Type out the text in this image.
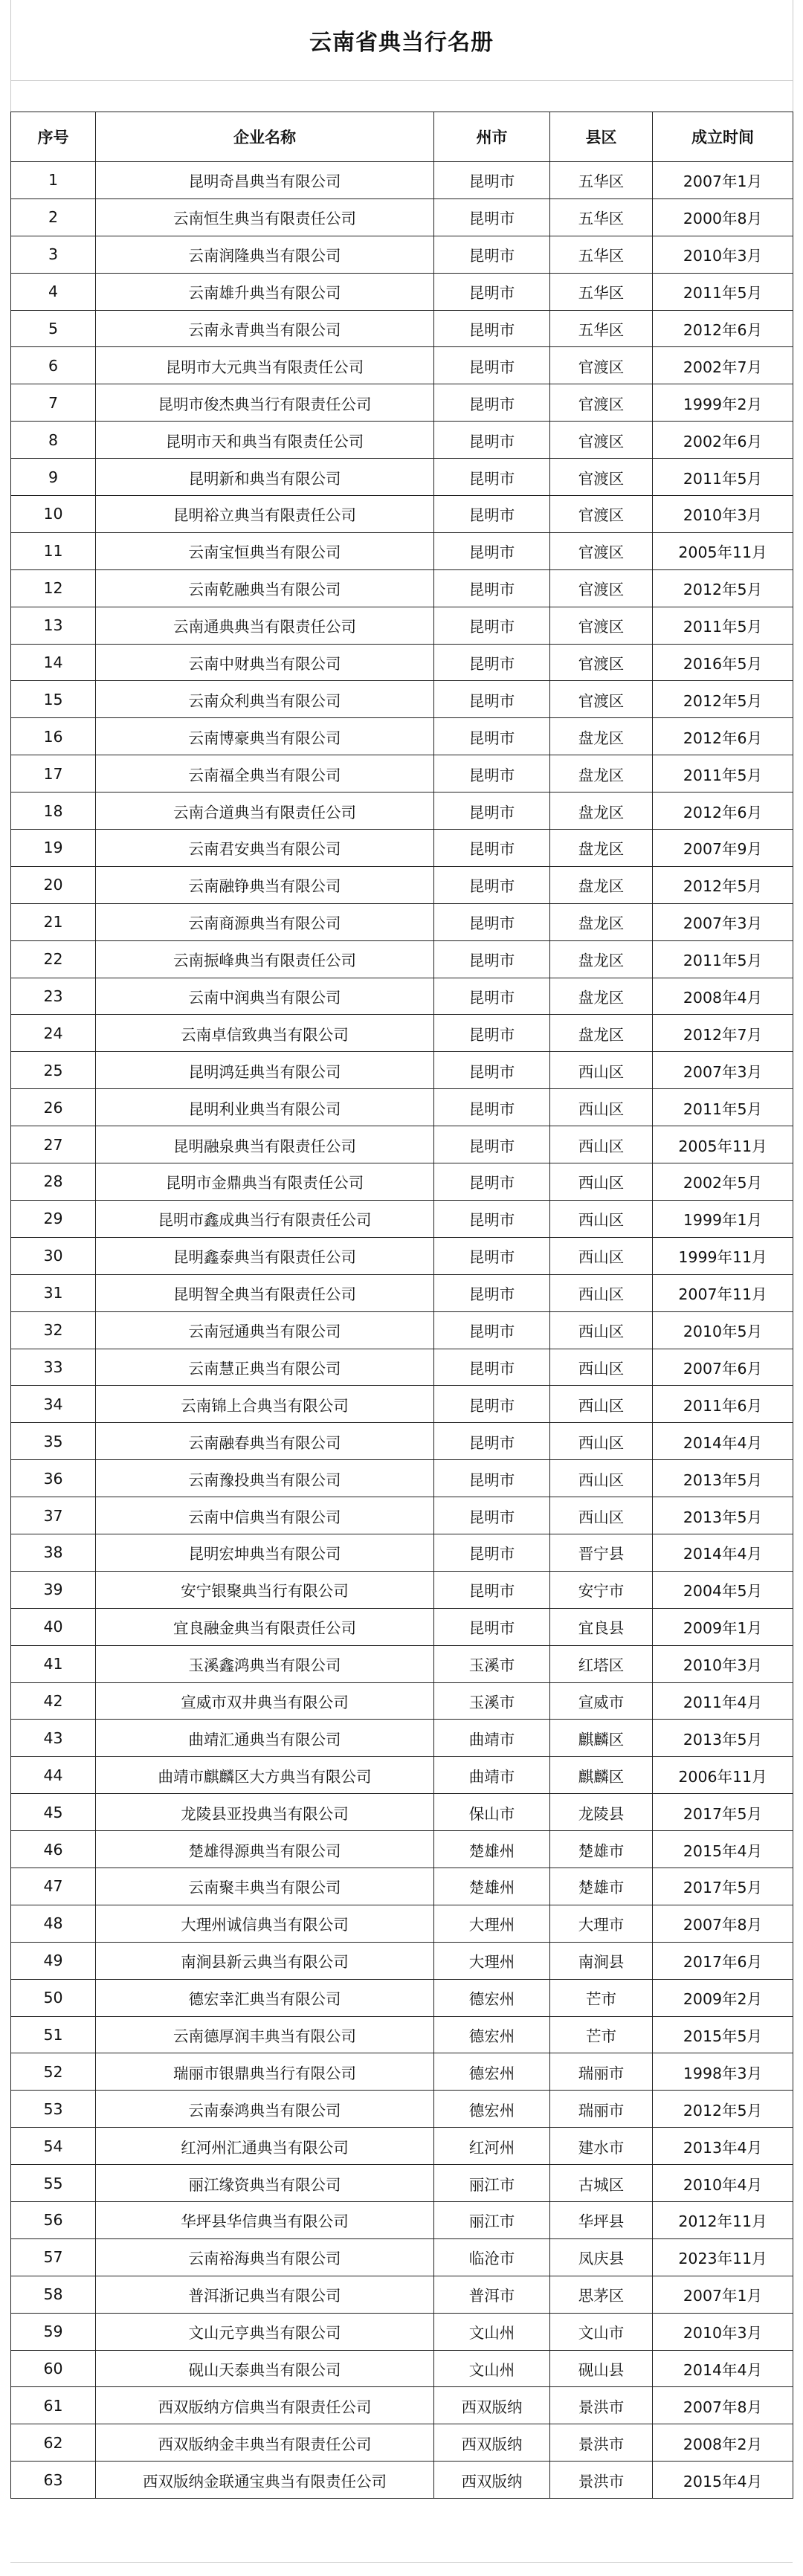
云南省典当行名册
序号	企业名称	州市	县区	成立时间
1	昆明奇昌典当有限公司	昆明市	五华区	2007年1月
2	云南恒生典当有限责任公司	昆明市	五华区	2000年8月
3	云南润隆典当有限公司	昆明市	五华区	2010年3月
4	云南雄升典当有限公司	昆明市	五华区	2011年5月
5	云南永青典当有限公司	昆明市	五华区	2012年6月
6	昆明市大元典当有限责任公司	昆明市	官渡区	2002年7月
7	昆明市俊杰典当行有限责任公司	昆明市	官渡区	1999年2月
8	昆明市天和典当有限责任公司	昆明市	官渡区	2002年6月
9	昆明新和典当有限公司	昆明市	官渡区	2011年5月
10	昆明裕立典当有限责任公司	昆明市	官渡区	2010年3月
11	云南宝恒典当有限公司	昆明市	官渡区	2005年11月
12	云南乾融典当有限公司	昆明市	官渡区	2012年5月
13	云南通典典当有限责任公司	昆明市	官渡区	2011年5月
14	云南中财典当有限公司	昆明市	官渡区	2016年5月
15	云南众利典当有限公司	昆明市	官渡区	2012年5月
16	云南博豪典当有限公司	昆明市	盘龙区	2012年6月
17	云南福全典当有限公司	昆明市	盘龙区	2011年5月
18	云南合道典当有限责任公司	昆明市	盘龙区	2012年6月
19	云南君安典当有限公司	昆明市	盘龙区	2007年9月
20	云南融铮典当有限公司	昆明市	盘龙区	2012年5月
21	云南商源典当有限公司	昆明市	盘龙区	2007年3月
22	云南振峰典当有限责任公司	昆明市	盘龙区	2011年5月
23	云南中润典当有限公司	昆明市	盘龙区	2008年4月
24	云南卓信致典当有限公司	昆明市	盘龙区	2012年7月
25	昆明鸿廷典当有限公司	昆明市	西山区	2007年3月
26	昆明利业典当有限公司	昆明市	西山区	2011年5月
27	昆明融泉典当有限责任公司	昆明市	西山区	2005年11月
28	昆明市金鼎典当有限责任公司	昆明市	西山区	2002年5月
29	昆明市鑫成典当行有限责任公司	昆明市	西山区	1999年1月
30	昆明鑫泰典当有限责任公司	昆明市	西山区	1999年11月
31	昆明智全典当有限责任公司	昆明市	西山区	2007年11月
32	云南冠通典当有限公司	昆明市	西山区	2010年5月
33	云南慧正典当有限公司	昆明市	西山区	2007年6月
34	云南锦上合典当有限公司	昆明市	西山区	2011年6月
35	云南融春典当有限公司	昆明市	西山区	2014年4月
36	云南豫投典当有限公司	昆明市	西山区	2013年5月
37	云南中信典当有限公司	昆明市	西山区	2013年5月
38	昆明宏坤典当有限公司	昆明市	晋宁县	2014年4月
39	安宁银聚典当行有限公司	昆明市	安宁市	2004年5月
40	宜良融金典当有限责任公司	昆明市	宜良县	2009年1月
41	玉溪鑫鸿典当有限公司	玉溪市	红塔区	2010年3月
42	宣威市双井典当有限公司	玉溪市	宣威市	2011年4月
43	曲靖汇通典当有限公司	曲靖市	麒麟区	2013年5月
44	曲靖市麒麟区大方典当有限公司	曲靖市	麒麟区	2006年11月
45	龙陵县亚投典当有限公司	保山市	龙陵县	2017年5月
46	楚雄得源典当有限公司	楚雄州	楚雄市	2015年4月
47	云南聚丰典当有限公司	楚雄州	楚雄市	2017年5月
48	大理州诚信典当有限公司	大理州	大理市	2007年8月
49	南涧县新云典当有限公司	大理州	南涧县	2017年6月
50	德宏幸汇典当有限公司	德宏州	芒市	2009年2月
51	云南德厚润丰典当有限公司	德宏州	芒市	2015年5月
52	瑞丽市银鼎典当行有限公司	德宏州	瑞丽市	1998年3月
53	云南泰鸿典当有限公司	德宏州	瑞丽市	2012年5月
54	红河州汇通典当有限公司	红河州	建水市	2013年4月
55	丽江缘资典当有限公司	丽江市	古城区	2010年4月
56	华坪县华信典当有限公司	丽江市	华坪县	2012年11月
57	云南裕海典当有限公司	临沧市	凤庆县	2023年11月
58	普洱浙记典当有限公司	普洱市	思茅区	2007年1月
59	文山元亨典当有限公司	文山州	文山市	2010年3月
60	砚山天泰典当有限公司	文山州	砚山县	2014年4月
61	西双版纳方信典当有限责任公司	西双版纳	景洪市	2007年8月
62	西双版纳金丰典当有限责任公司	西双版纳	景洪市	2008年2月
63	西双版纳金联通宝典当有限责任公司	西双版纳	景洪市	2015年4月
